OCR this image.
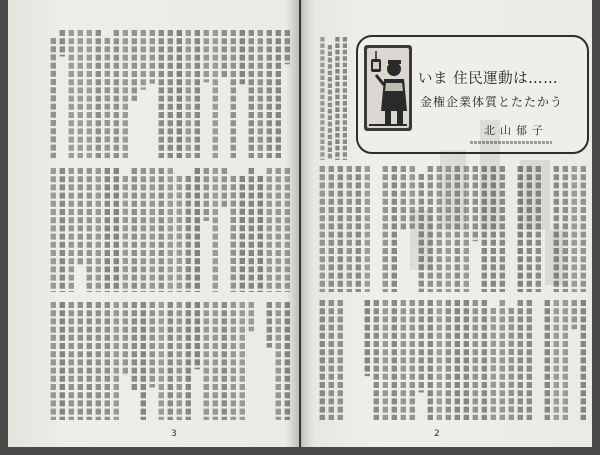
3
いま 住民運動は……
金権企業体質とたたかう
北山郁子
2
